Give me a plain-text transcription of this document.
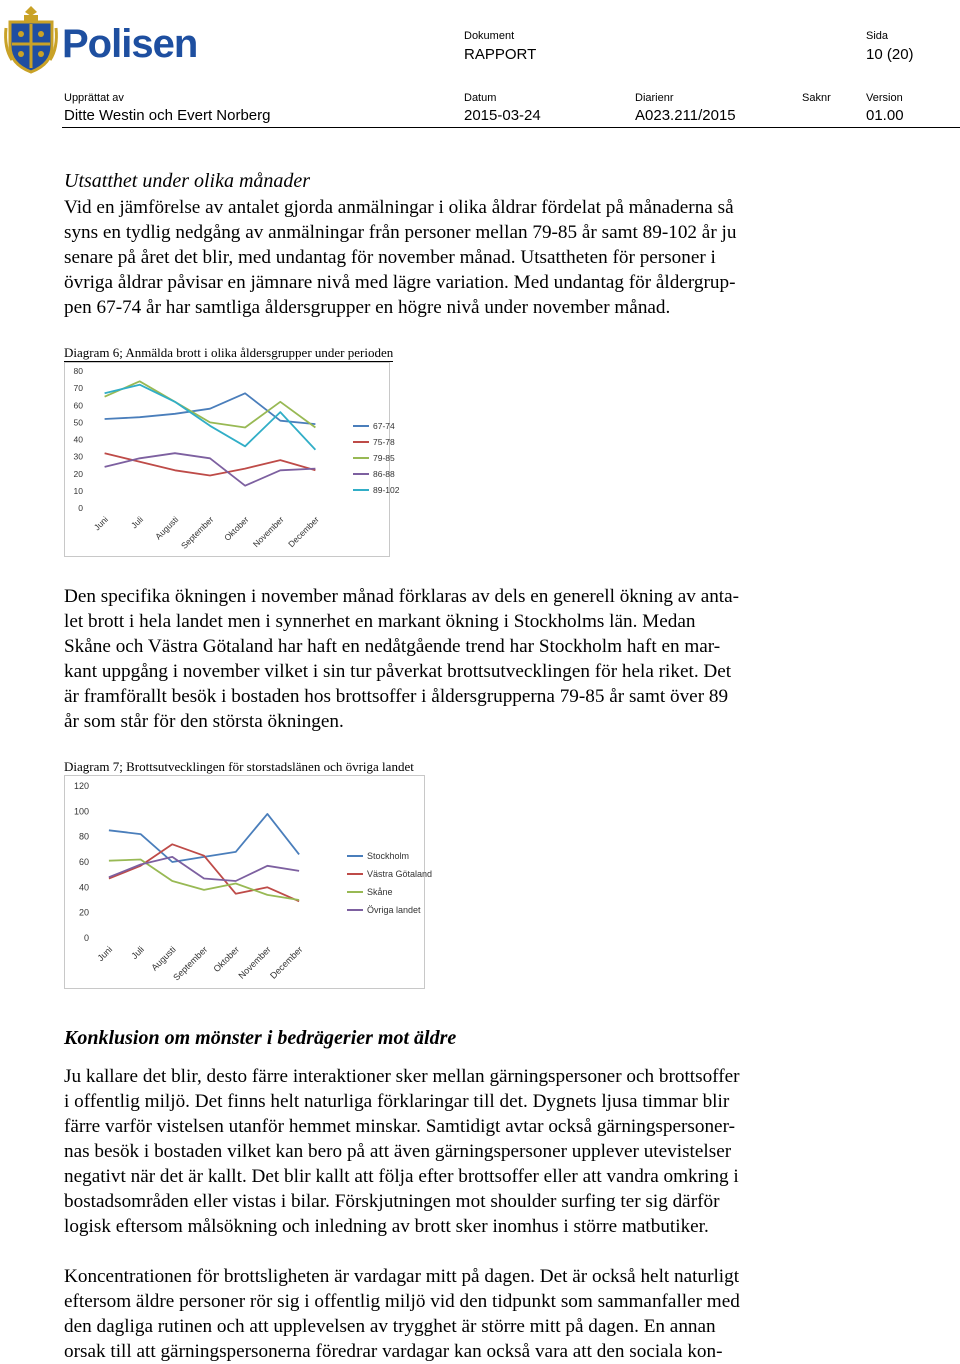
Polisen	Dokument
RAPPORT
Sida
10 (20)
Upprättat av
Ditte Westin och Evert Norberg
Datum
2015-03-24
Diarienr
A023.211/2015
Saknr	Version
01.00
Utsatthet under olika månader
Vid en jämförelse av antalet gjorda anmälningar i olika åldrar fördelat på månaderna så
syns en tydlig nedgång av anmälningar från personer mellan 79-85 år samt 89-102 år ju
senare på året det blir, med undantag för november månad. Utsattheten för personer i
övriga åldrar påvisar en jämnare nivå med lägre variation. Med undantag för åldergrup-
pen 67-74 år har samtliga åldersgrupper en högre nivå under november månad.
Diagram 6; Anmälda brott i olika åldersgrupper under perioden
0
10
20
30
40
50
60
70
80
Juni Juli Augusti
September Oktober November December
67-74
75-78
79-85
86-88
89-102
Den specifika ökningen i november månad förklaras av dels en generell ökning av anta-
let brott i hela landet men i synnerhet en markant ökning i Stockholms län. Medan
Skåne och Västra Götaland har haft en nedåtgående trend har Stockholm haft en mar-
kant uppgång i november vilket i sin tur påverkat brottsutvecklingen för hela riket. Det
är framförallt besök i bostaden hos brottsoffer i åldersgrupperna 79-85 år samt över 89
år som står för den största ökningen.
Diagram 7; Brottsutvecklingen för storstadslänen och övriga landet
0
20
40
60
80
100
120
Juni Juli Augusti
September Oktober
November
December
Stockholm
Västra Götaland
Skåne
Övriga landet
Konklusion om mönster i bedrägerier mot äldre
Ju kallare det blir, desto färre interaktioner sker mellan gärningspersoner och brottsoffer
i offentlig miljö. Det finns helt naturliga förklaringar till det. Dygnets ljusa timmar blir
färre varför vistelsen utanför hemmet minskar. Samtidigt avtar också gärningspersoner-
nas besök i bostaden vilket kan bero på att även gärningspersoner upplever utevistelser
negativt när det är kallt. Det blir kallt att följa efter brottsoffer eller att vandra omkring i
bostadsområden eller vistas i bilar. Förskjutningen mot shoulder surfing ter sig därför
logisk eftersom målsökning och inledning av brott sker inomhus i större matbutiker.
Koncentrationen för brottsligheten är vardagar mitt på dagen. Det är också helt naturligt
eftersom äldre personer rör sig i offentlig miljö vid den tidpunkt som sammanfaller med
den dagliga rutinen och att upplevelsen av trygghet är större mitt på dagen. En annan
orsak till att gärningspersonerna föredrar vardagar kan också vara att den sociala kon-
